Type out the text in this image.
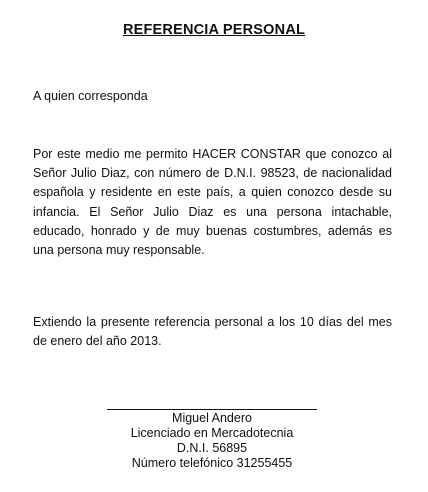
REFERENCIA PERSONAL
A quien corresponda
Por este medio me permito HACER CONSTAR que conozco al Señor Julio Diaz, con número de D.N.I. 98523, de nacionalidad española y residente en este país, a quien conozco desde su infancia. El Señor Julio Diaz es una persona intachable, educado, honrado y de muy buenas costumbres, además es una persona muy responsable.
Extiendo la presente referencia personal a los 10 días del mes de enero del año 2013.
Miguel Andero
Licenciado en Mercadotecnia
D.N.I. 56895
Número telefónico 31255455
